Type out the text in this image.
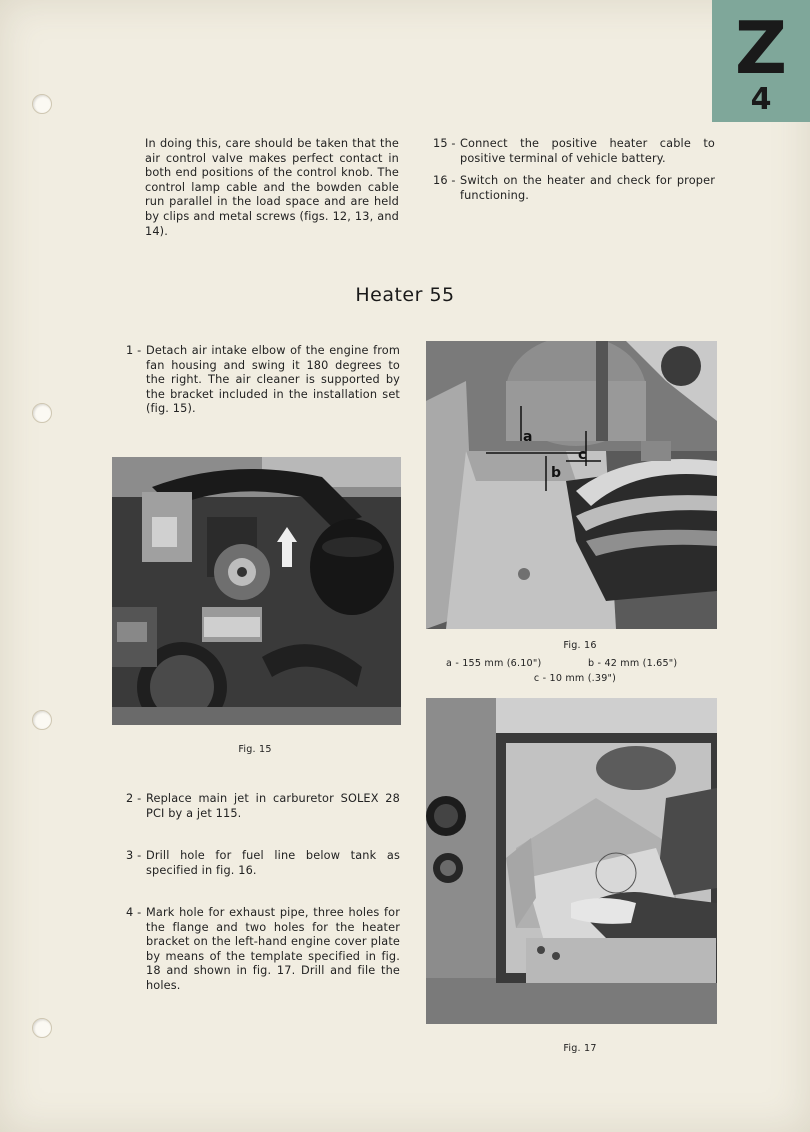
Z
4
In doing this, care should be taken that the air control valve makes perfect contact in both end positions of the control knob. The control lamp cable and the bowden cable run parallel in the load space and are held by clips and metal screws (figs. 12, 13, and 14).
15 - Connect the positive heater cable to positive terminal of vehicle battery.
16 - Switch on the heater and check for proper functioning.
Heater 55
1 - Detach air intake elbow of the engine from fan housing and swing it 180 degrees to the right. The air cleaner is supported by the bracket included in the installation set (fig. 15).
Fig. 15
2 - Replace main jet in carburetor SOLEX 28 PCI by a jet 115.
3 - Drill hole for fuel line below tank as specified in fig. 16.
4 - Mark hole for exhaust pipe, three holes for the flange and two holes for the heater bracket on the left-hand engine cover plate by means of the template specified in fig. 18 and shown in fig. 17. Drill and file the holes.
a
b
c
Fig. 16
a - 155 mm (6.10")	b - 42 mm (1.65")
c - 10 mm (.39")
Fig. 17
